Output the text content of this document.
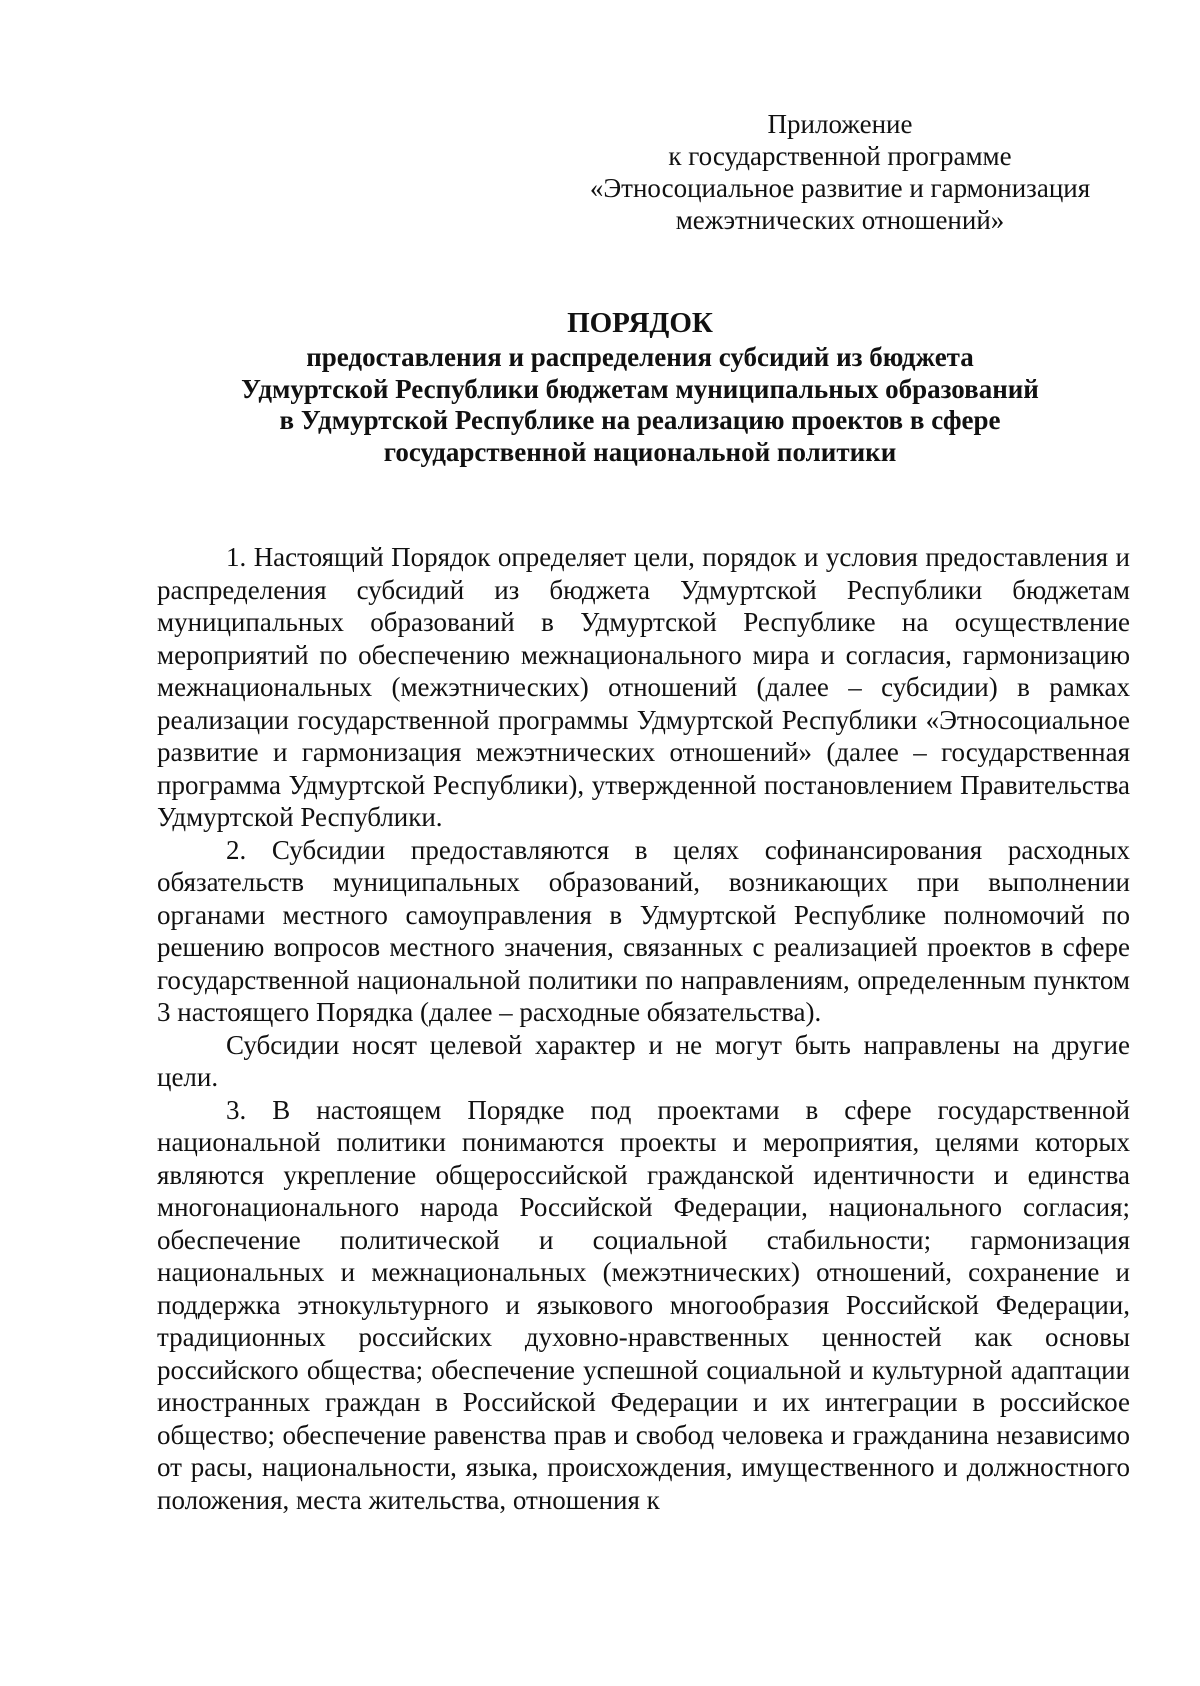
Приложение
к государственной программе
«Этносоциальное развитие и гармонизация
межэтнических отношений»
ПОРЯДОК
предоставления и распределения субсидий из бюджета
Удмуртской Республики бюджетам муниципальных образований
в Удмуртской Республике на реализацию проектов в сфере
государственной национальной политики

1. Настоящий Порядок определяет цели, порядок и условия предоставления и распределения субсидий из бюджета Удмуртской Республики бюджетам муниципальных образований в Удмуртской Республике на осуществление мероприятий по обеспечению межнационального мира и согласия, гармонизацию межнациональных (межэтнических) отношений (далее – субсидии) в рамках реализации государственной программы Удмуртской Республики «Этносоциальное развитие и гармонизация межэтнических отношений» (далее – государственная программа Удмуртской Республики), утвержденной постановлением Правительства Удмуртской Республики.

2. Субсидии предоставляются в целях софинансирования расходных обязательств муниципальных образований, возникающих при выполнении органами местного самоуправления в Удмуртской Республике полномочий по решению вопросов местного значения, связанных с реализацией проектов в сфере государственной национальной политики по направлениям, определенным пунктом 3 настоящего Порядка (далее – расходные обязательства).

Субсидии носят целевой характер и не могут быть направлены на другие цели.

3. В настоящем Порядке под проектами в сфере государственной национальной политики понимаются проекты и мероприятия, целями которых являются укрепление общероссийской гражданской идентичности и единства многонационального народа Российской Федерации, национального согласия; обеспечение политической и социальной стабильности; гармонизация национальных и межнациональных (межэтнических) отношений, сохранение и поддержка этнокультурного и языкового многообразия Российской Федерации, традиционных российских духовно-нравственных ценностей как основы российского общества; обеспечение успешной социальной и культурной адаптации иностранных граждан в Российской Федерации и их интеграции в российское общество; обеспечение равенства прав и свобод человека и гражданина независимо от расы, национальности, языка, происхождения, имущественного и должностного положения, места жительства, отношения к
